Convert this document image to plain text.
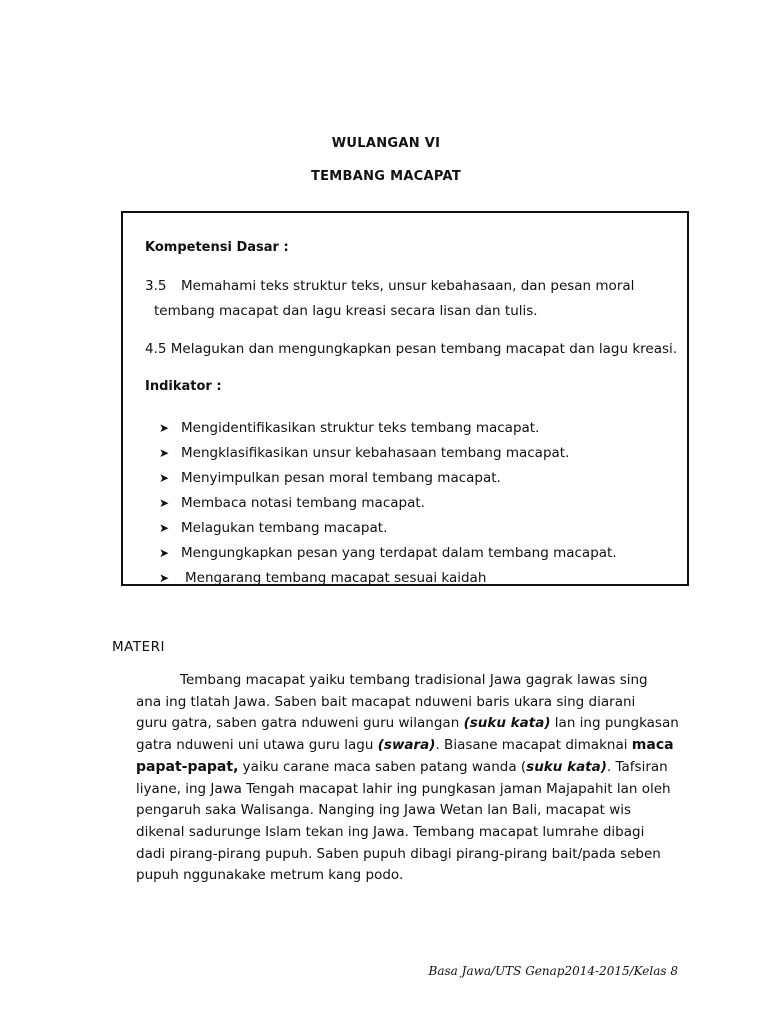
WULANGAN VI
TEMBANG MACAPAT
Kompetensi Dasar :
3.5 Memahami teks struktur teks, unsur kebahasaan, dan pesan moral
tembang macapat dan lagu kreasi secara lisan dan tulis.
4.5 Melagukan dan mengungkapkan pesan tembang macapat dan lagu kreasi.
Indikator :
➤ Mengidentifikasikan struktur teks tembang macapat.
➤ Mengklasifikasikan unsur kebahasaan tembang macapat.
➤ Menyimpulkan pesan moral tembang macapat.
➤ Membaca notasi tembang macapat.
➤ Melagukan tembang macapat.
➤ Mengungkapkan pesan yang terdapat dalam tembang macapat.
➤	Mengarang tembang macapat sesuai kaidah
MATERI
Tembang macapat yaiku tembang tradisional Jawa gagrak lawas sing
ana ing tlatah Jawa. Saben bait macapat nduweni baris ukara sing diarani
guru gatra, saben gatra nduweni guru wilangan (suku kata) lan ing pungkasan
gatra nduweni uni utawa guru lagu (swara). Biasane macapat dimaknai maca
papat-papat, yaiku carane maca saben patang wanda (suku kata). Tafsiran
liyane, ing Jawa Tengah macapat lahir ing pungkasan jaman Majapahit lan oleh
pengaruh saka Walisanga. Nanging ing Jawa Wetan lan Bali, macapat wis
dikenal sadurunge Islam tekan ing Jawa. Tembang macapat lumrahe dibagi
dadi pirang-pirang pupuh. Saben pupuh dibagi pirang-pirang bait/pada seben
pupuh nggunakake metrum kang podo.
Basa Jawa/UTS Genap2014-2015/Kelas 8
